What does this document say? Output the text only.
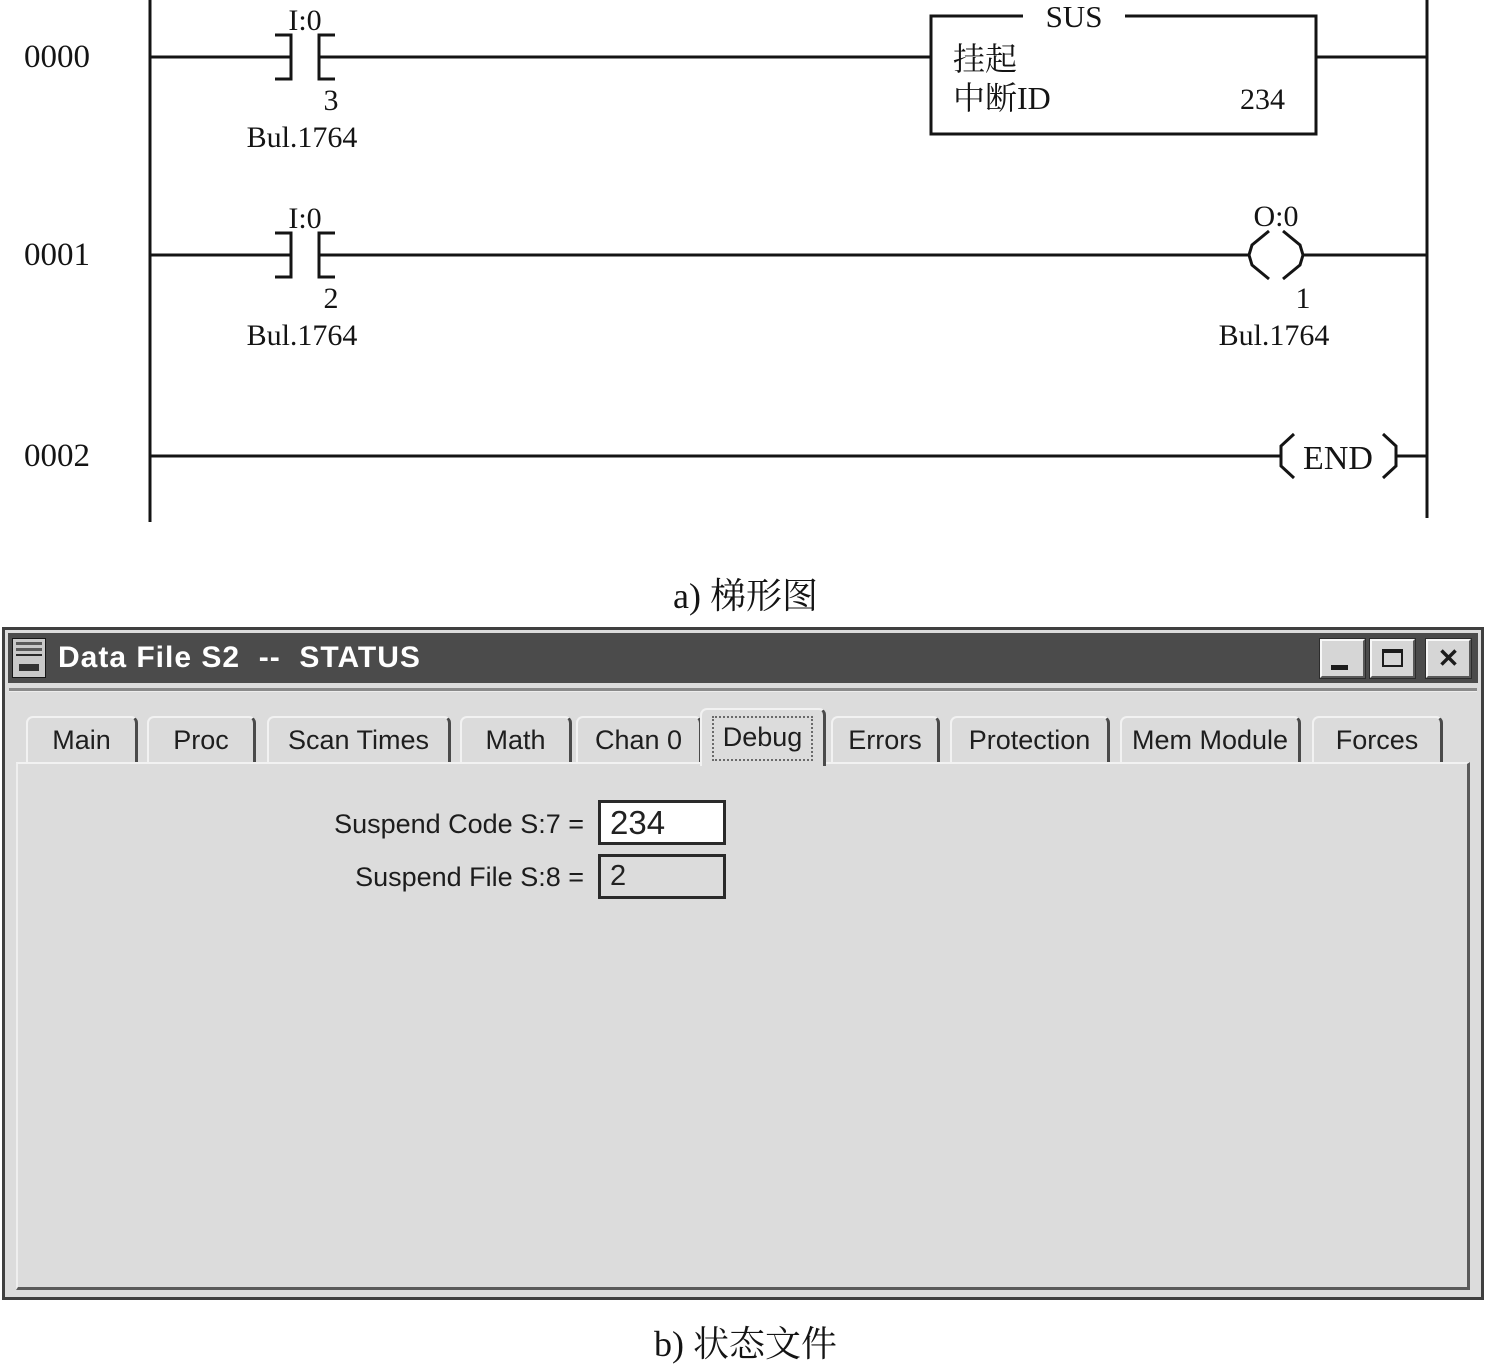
0000
I:0
3
Bul.1764
SUS
挂起
中断ID	234
0001
I:0
2
Bul.1764
O:0
1
Bul.1764
0002	END
a) 梯形图
Data File S2  --  STATUS	✕
Main Proc Scan Times Math Chan 0	Debug	Errors Protection Mem Module Forces
Suspend Code S:7 = 234
Suspend File S:8 = 2
b) 状态文件
